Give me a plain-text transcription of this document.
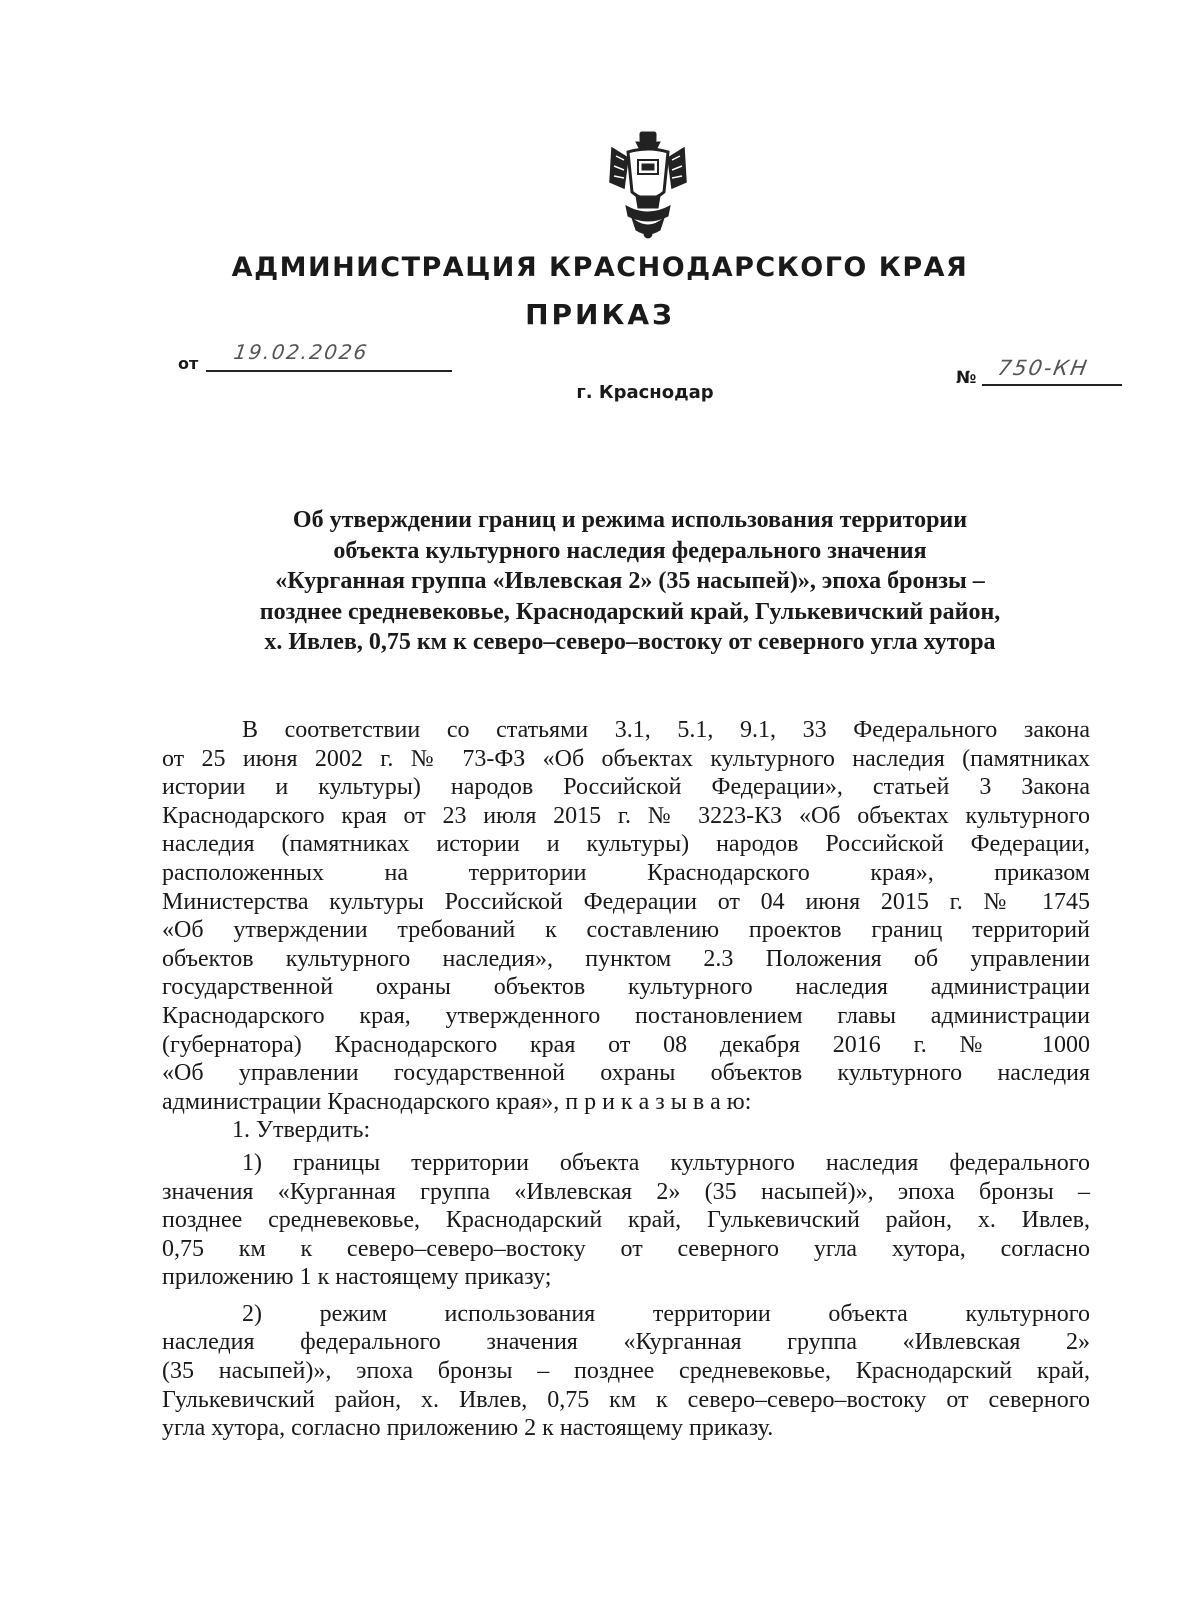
АДМИНИСТРАЦИЯ КРАСНОДАРСКОГО КРАЯ
ПРИКАЗ
от 19.02.2026
№ 750-КН
г. Краснодар
Об утверждении границ и режима использования территории
объекта культурного наследия федерального значения
«Курганная группа «Ивлевская 2» (35 насыпей)», эпоха бронзы –
позднее средневековье, Краснодарский край, Гулькевичский район,
х. Ивлев, 0,75 км к северо–северо–востоку от северного угла хутора
В соответствии со статьями 3.1, 5.1, 9.1, 33 Федерального закона
от 25 июня 2002 г. № 73-ФЗ «Об объектах культурного наследия (памятниках
истории и культуры) народов Российской Федерации», статьей 3 Закона
Краснодарского края от 23 июля 2015 г. № 3223-КЗ «Об объектах культурного
наследия (памятниках истории и культуры) народов Российской Федерации,
расположенных на территории Краснодарского края», приказом
Министерства культуры Российской Федерации от 04 июня 2015 г. № 1745
«Об утверждении требований к составлению проектов границ территорий
объектов культурного наследия», пунктом 2.3 Положения об управлении
государственной охраны объектов культурного наследия администрации
Краснодарского края, утвержденного постановлением главы администрации
(губернатора) Краснодарского края от 08 декабря 2016 г. № 1000
«Об управлении государственной охраны объектов культурного наследия
администрации Краснодарского края», п р и к а з ы в а ю:
1. Утвердить:
1) границы территории объекта культурного наследия федерального
значения «Курганная группа «Ивлевская 2» (35 насыпей)», эпоха бронзы –
позднее средневековье, Краснодарский край, Гулькевичский район, х. Ивлев,
0,75 км к северо–северо–востоку от северного угла хутора, согласно
приложению 1 к настоящему приказу;
2) режим использования территории объекта культурного
наследия федерального значения «Курганная группа «Ивлевская 2»
(35 насыпей)», эпоха бронзы – позднее средневековье, Краснодарский край,
Гулькевичский район, х. Ивлев, 0,75 км к северо–северо–востоку от северного
угла хутора, согласно приложению 2 к настоящему приказу.
